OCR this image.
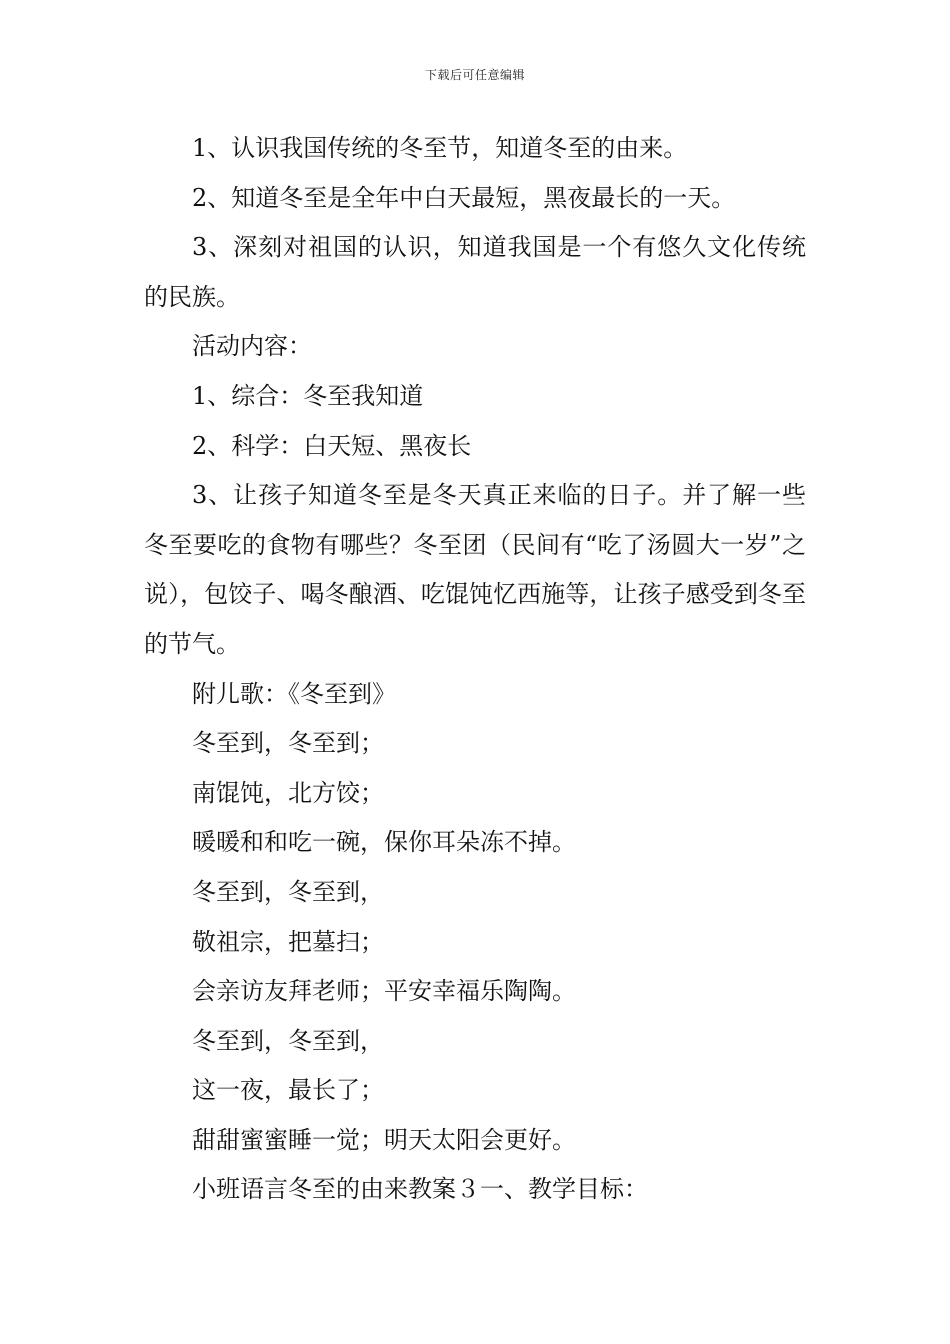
下载后可任意编辑

1、认识我国传统的冬至节，知道冬至的由来。

2、知道冬至是全年中白天最短，黑夜最长的一天。

3、深刻对祖国的认识，知道我国是一个有悠久文化传统的民族。

活动内容：

1、综合：冬至我知道

2、科学：白天短、黑夜长

3、让孩子知道冬至是冬天真正来临的日子。并了解一些冬至要吃的食物有哪些？冬至团（民间有“吃了汤圆大一岁”之说），包饺子、喝冬酿酒、吃馄饨忆西施等，让孩子感受到冬至的节气。

附儿歌：《冬至到》

冬至到，冬至到；

南馄饨，北方饺；

暖暖和和吃一碗，保你耳朵冻不掉。

冬至到，冬至到，

敬祖宗，把墓扫；

会亲访友拜老师；平安幸福乐陶陶。

冬至到，冬至到，

这一夜，最长了；

甜甜蜜蜜睡一觉；明天太阳会更好。

小班语言冬至的由来教案３一、教学目标：
